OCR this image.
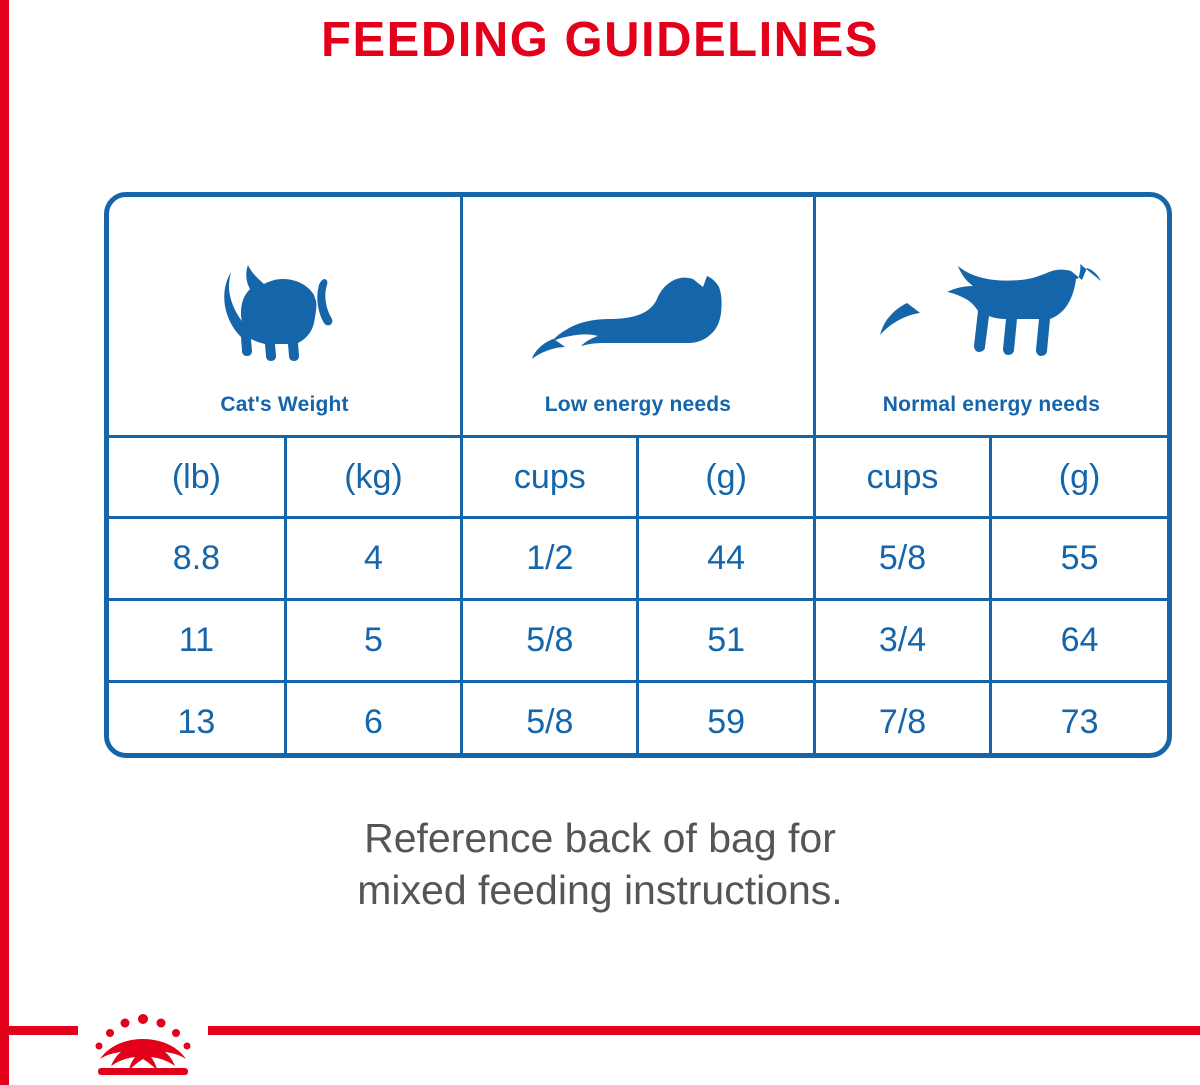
FEEDING GUIDELINES
Cat's Weight		Low energy needs		Normal energy needs	

(lb)	(kg)	cups	(g)	cups	(g)
8.8	4	1/2	44	5/8	55
11	5	5/8	51	3/4	64
13	6	5/8	59	7/8	73
Reference back of bag for
mixed feeding instructions.
